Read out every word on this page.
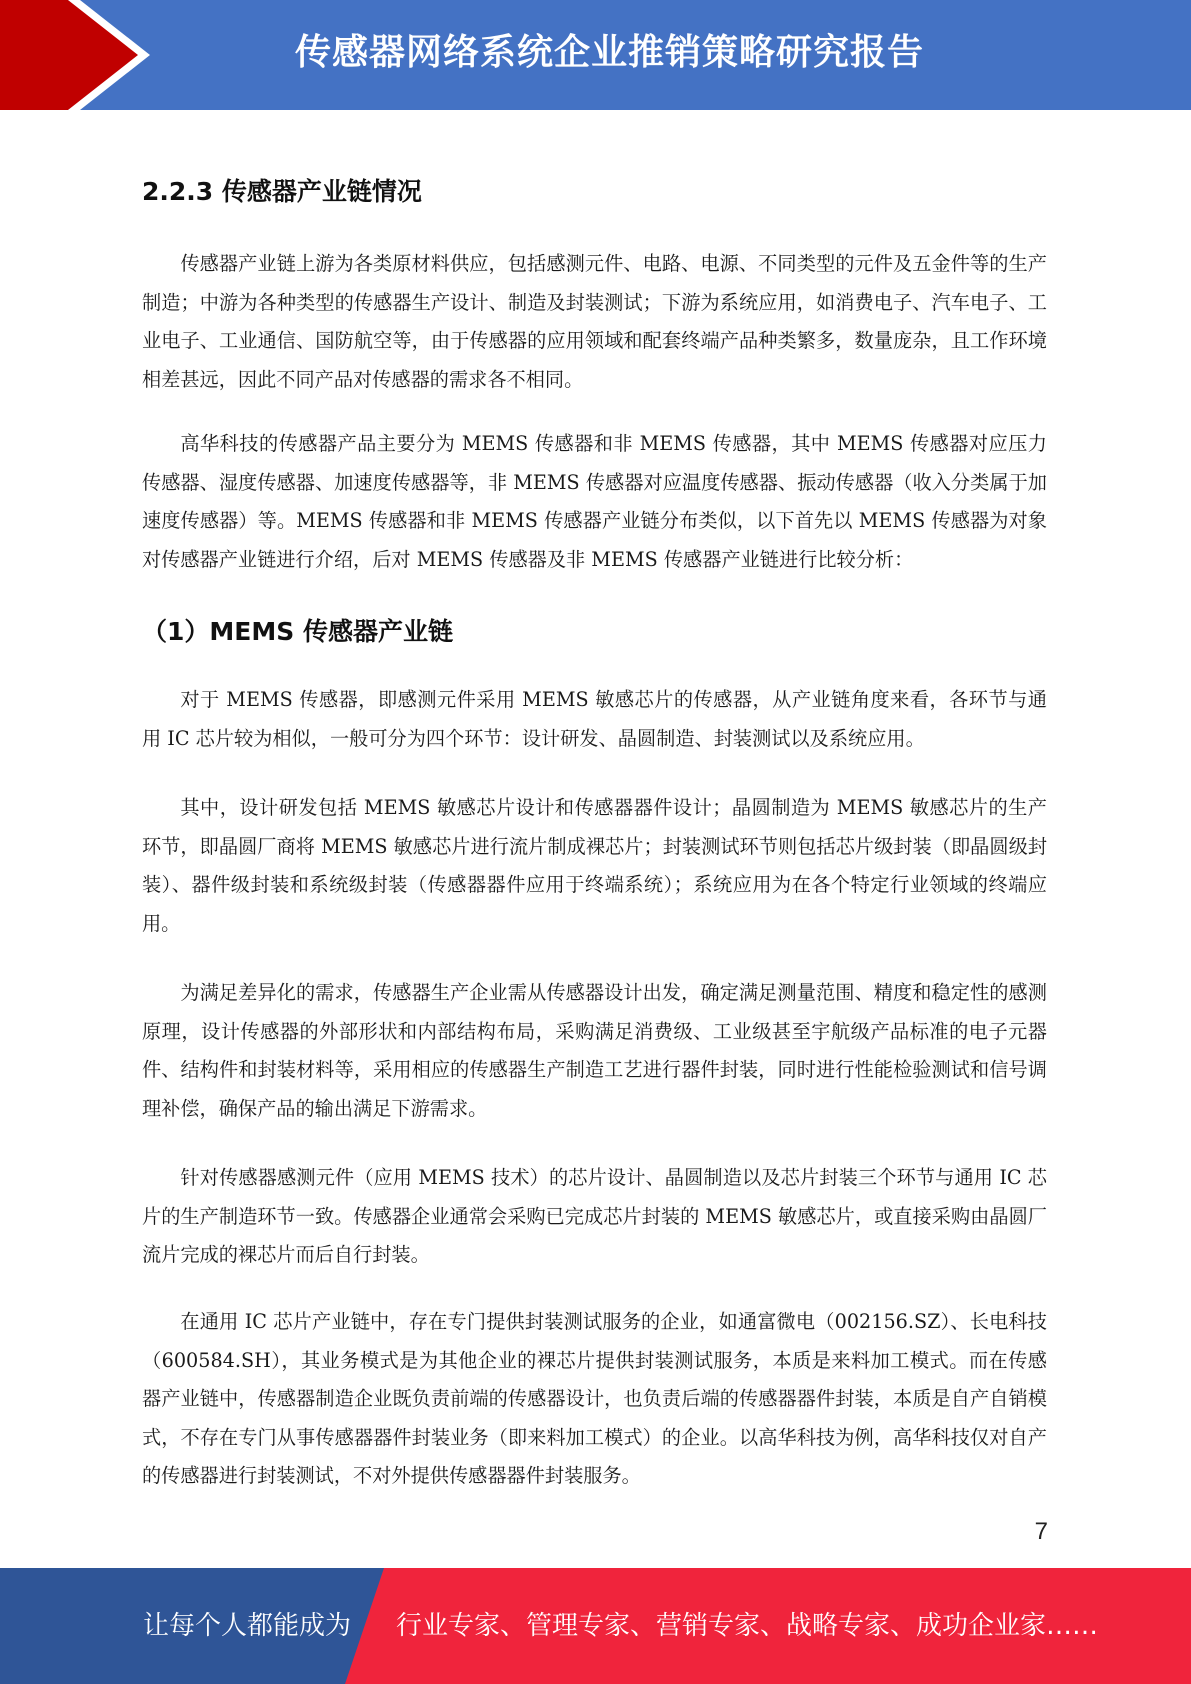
传感器网络系统企业推销策略研究报告
2.2.3 传感器产业链情况

传感器产业链上游为各类原材料供应，包括感测元件、电路、电源、不同类型的元件及五金件等的生产制造；中游为各种类型的传感器生产设计、制造及封装测试；下游为系统应用，如消费电子、汽车电子、工业电子、工业通信、国防航空等，由于传感器的应用领域和配套终端产品种类繁多，数量庞杂，且工作环境相差甚远，因此不同产品对传感器的需求各不相同。

高华科技的传感器产品主要分为 MEMS 传感器和非 MEMS 传感器，其中 MEMS 传感器对应压力传感器、湿度传感器、加速度传感器等，非 MEMS 传感器对应温度传感器、振动传感器（收入分类属于加速度传感器）等。MEMS 传感器和非 MEMS 传感器产业链分布类似，以下首先以 MEMS 传感器为对象对传感器产业链进行介绍，后对 MEMS 传感器及非 MEMS 传感器产业链进行比较分析：

（1）MEMS 传感器产业链

对于 MEMS 传感器，即感测元件采用 MEMS 敏感芯片的传感器，从产业链角度来看，各环节与通用 IC 芯片较为相似，一般可分为四个环节：设计研发、晶圆制造、封装测试以及系统应用。

其中，设计研发包括 MEMS 敏感芯片设计和传感器器件设计；晶圆制造为 MEMS 敏感芯片的生产环节，即晶圆厂商将 MEMS 敏感芯片进行流片制成裸芯片；封装测试环节则包括芯片级封装（即晶圆级封装）、器件级封装和系统级封装（传感器器件应用于终端系统）；系统应用为在各个特定行业领域的终端应用。

为满足差异化的需求，传感器生产企业需从传感器设计出发，确定满足测量范围、精度和稳定性的感测原理，设计传感器的外部形状和内部结构布局，采购满足消费级、工业级甚至宇航级产品标准的电子元器件、结构件和封装材料等，采用相应的传感器生产制造工艺进行器件封装，同时进行性能检验测试和信号调理补偿，确保产品的输出满足下游需求。

针对传感器感测元件（应用 MEMS 技术）的芯片设计、晶圆制造以及芯片封装三个环节与通用 IC 芯片的生产制造环节一致。传感器企业通常会采购已完成芯片封装的 MEMS 敏感芯片，或直接采购由晶圆厂流片完成的裸芯片而后自行封装。

在通用 IC 芯片产业链中，存在专门提供封装测试服务的企业，如通富微电（002156.SZ）、长电科技（600584.SH），其业务模式是为其他企业的裸芯片提供封装测试服务，本质是来料加工模式。而在传感器产业链中，传感器制造企业既负责前端的传感器设计，也负责后端的传感器器件封装，本质是自产自销模式，不存在专门从事传感器器件封装业务（即来料加工模式）的企业。以高华科技为例，高华科技仅对自产的传感器进行封装测试，不对外提供传感器器件封装服务。

7
让每个人都能成为 行业专家、管理专家、营销专家、战略专家、成功企业家……
